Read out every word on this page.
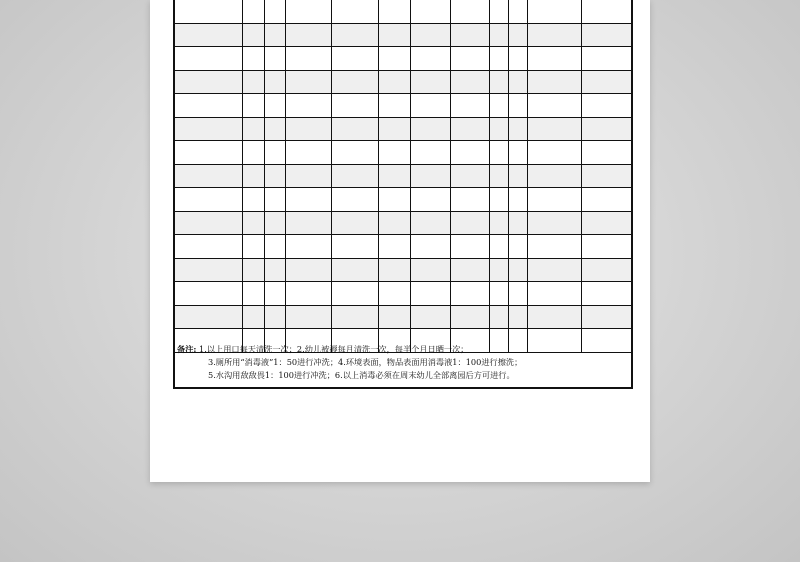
备注: 1.以上用口每天清洗一次；2.幼儿被褥每月清洗一次，每半个月日晒一次；
3.厕所用“消毒液”1：50进行冲洗；4.环境表面，物品表面用消毒液1：100进行擦洗；
5.水沟用敌敌畏1：100进行冲洗；6.以上消毒必须在周末幼儿全部离园后方可进行。
